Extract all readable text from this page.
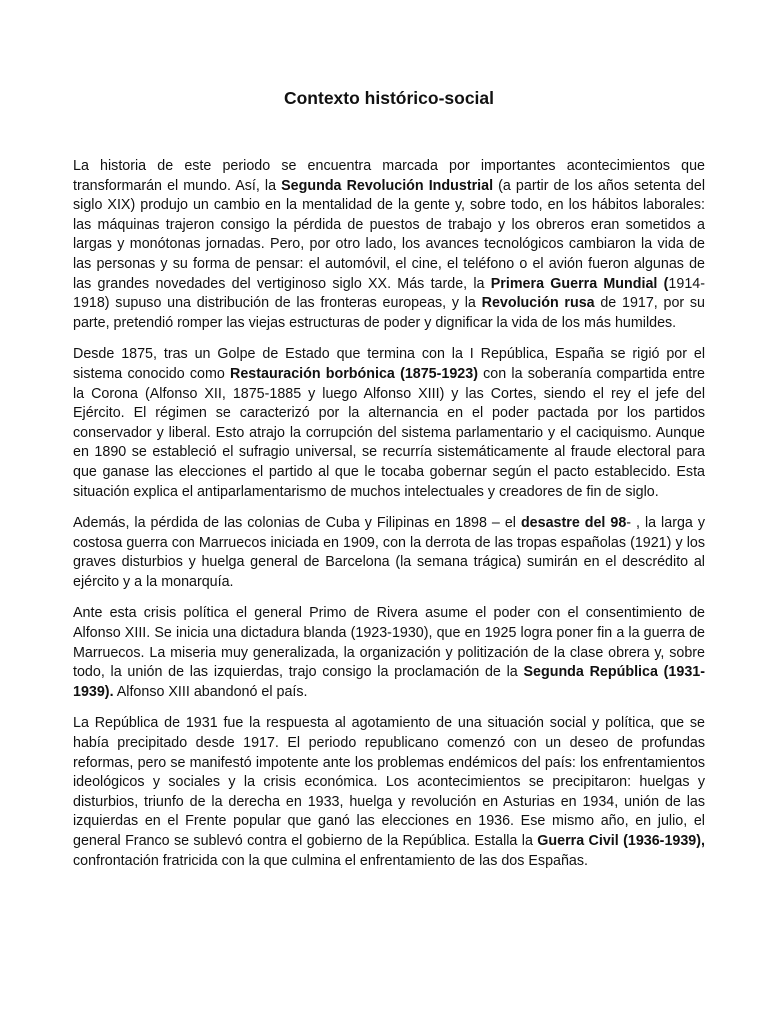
Contexto histórico-social

La historia de este periodo se encuentra marcada por importantes acontecimientos que transformarán el mundo. Así, la Segunda Revolución Industrial (a partir de los años setenta del siglo XIX) produjo un cambio en la mentalidad de la gente y, sobre todo, en los hábitos laborales: las máquinas trajeron consigo la pérdida de puestos de trabajo y los obreros eran sometidos a largas y monótonas jornadas. Pero, por otro lado, los avances tecnológicos cambiaron la vida de las personas y su forma de pensar: el automóvil, el cine, el teléfono o el avión fueron algunas de las grandes novedades del vertiginoso siglo XX. Más tarde, la Primera Guerra Mundial (1914-1918) supuso una distribución de las fronteras europeas, y la Revolución rusa de 1917, por su parte, pretendió romper las viejas estructuras de poder y dignificar la vida de los más humildes.

Desde 1875, tras un Golpe de Estado que termina con la I República, España se rigió por el sistema conocido como Restauración borbónica (1875-1923) con la soberanía compartida entre la Corona (Alfonso XII, 1875-1885 y luego Alfonso XIII) y las Cortes, siendo el rey el jefe del Ejército. El régimen se caracterizó por la alternancia en el poder pactada por los partidos conservador y liberal. Esto atrajo la corrupción del sistema parlamentario y el caciquismo. Aunque en 1890 se estableció el sufragio universal, se recurría sistemáticamente al fraude electoral para que ganase las elecciones el partido al que le tocaba gobernar según el pacto establecido. Esta situación explica el antiparlamentarismo de muchos intelectuales y creadores de fin de siglo.

Además, la pérdida de las colonias de Cuba y Filipinas en 1898 – el desastre del 98- , la larga y costosa guerra con Marruecos iniciada en 1909, con la derrota de las tropas españolas (1921) y los graves disturbios y huelga general de Barcelona (la semana trágica) sumirán en el descrédito al ejército y a la monarquía.

Ante esta crisis política el general Primo de Rivera asume el poder con el consentimiento de Alfonso XIII. Se inicia una dictadura blanda (1923-1930), que en 1925 logra poner fin a la guerra de Marruecos. La miseria muy generalizada, la organización y politización de la clase obrera y, sobre todo, la unión de las izquierdas, trajo consigo la proclamación de la Segunda República (1931-1939). Alfonso XIII abandonó el país.

La República de 1931 fue la respuesta al agotamiento de una situación social y política, que se había precipitado desde 1917. El periodo republicano comenzó con un deseo de profundas reformas, pero se manifestó impotente ante los problemas endémicos del país: los enfrentamientos ideológicos y sociales y la crisis económica. Los acontecimientos se precipitaron: huelgas y disturbios, triunfo de la derecha en 1933, huelga y revolución en Asturias en 1934, unión de las izquierdas en el Frente popular que ganó las elecciones en 1936. Ese mismo año, en julio, el general Franco se sublevó contra el gobierno de la República. Estalla la Guerra Civil (1936-1939), confrontación fratricida con la que culmina el enfrentamiento de las dos Españas.
